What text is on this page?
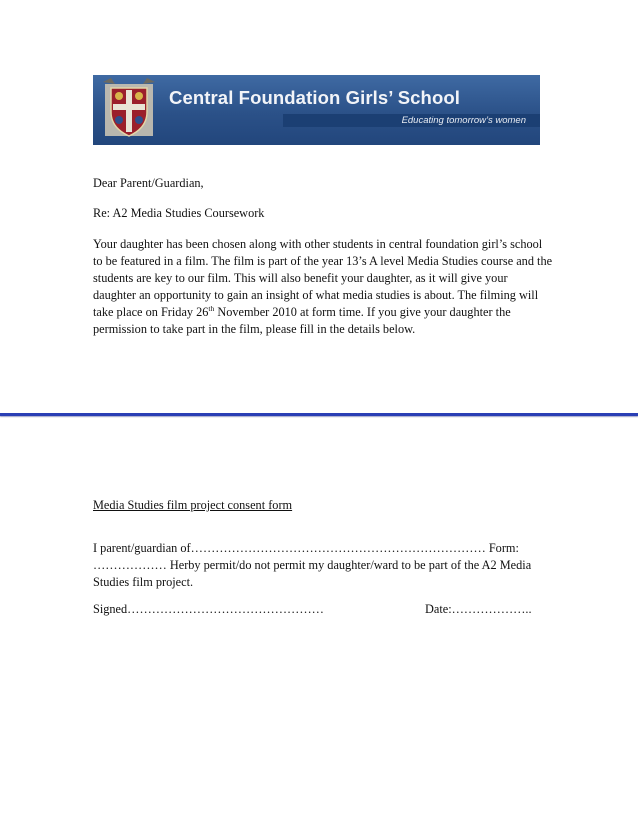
Central Foundation Girls’ School
Educating tomorrow’s women
Dear Parent/Guardian,
Re: A2 Media Studies Coursework
Your daughter has been chosen along with other students in central foundation girl’s school to be featured in a film. The film is part of the year 13’s A level Media Studies course and the students are key to our film. This will also benefit your daughter, as it will give your daughter an opportunity to gain an insight of what media studies is about. The filming will take place on Friday 26th November 2010 at form time. If you give your daughter the permission to take part in the film, please fill in the details below.
Media Studies film project consent form
I parent/guardian of……………………………………………………………… Form: ……………… Herby permit/do not permit my daughter/ward to be part of the A2 Media Studies film project.
Signed…………………………………………	Date:………………..
